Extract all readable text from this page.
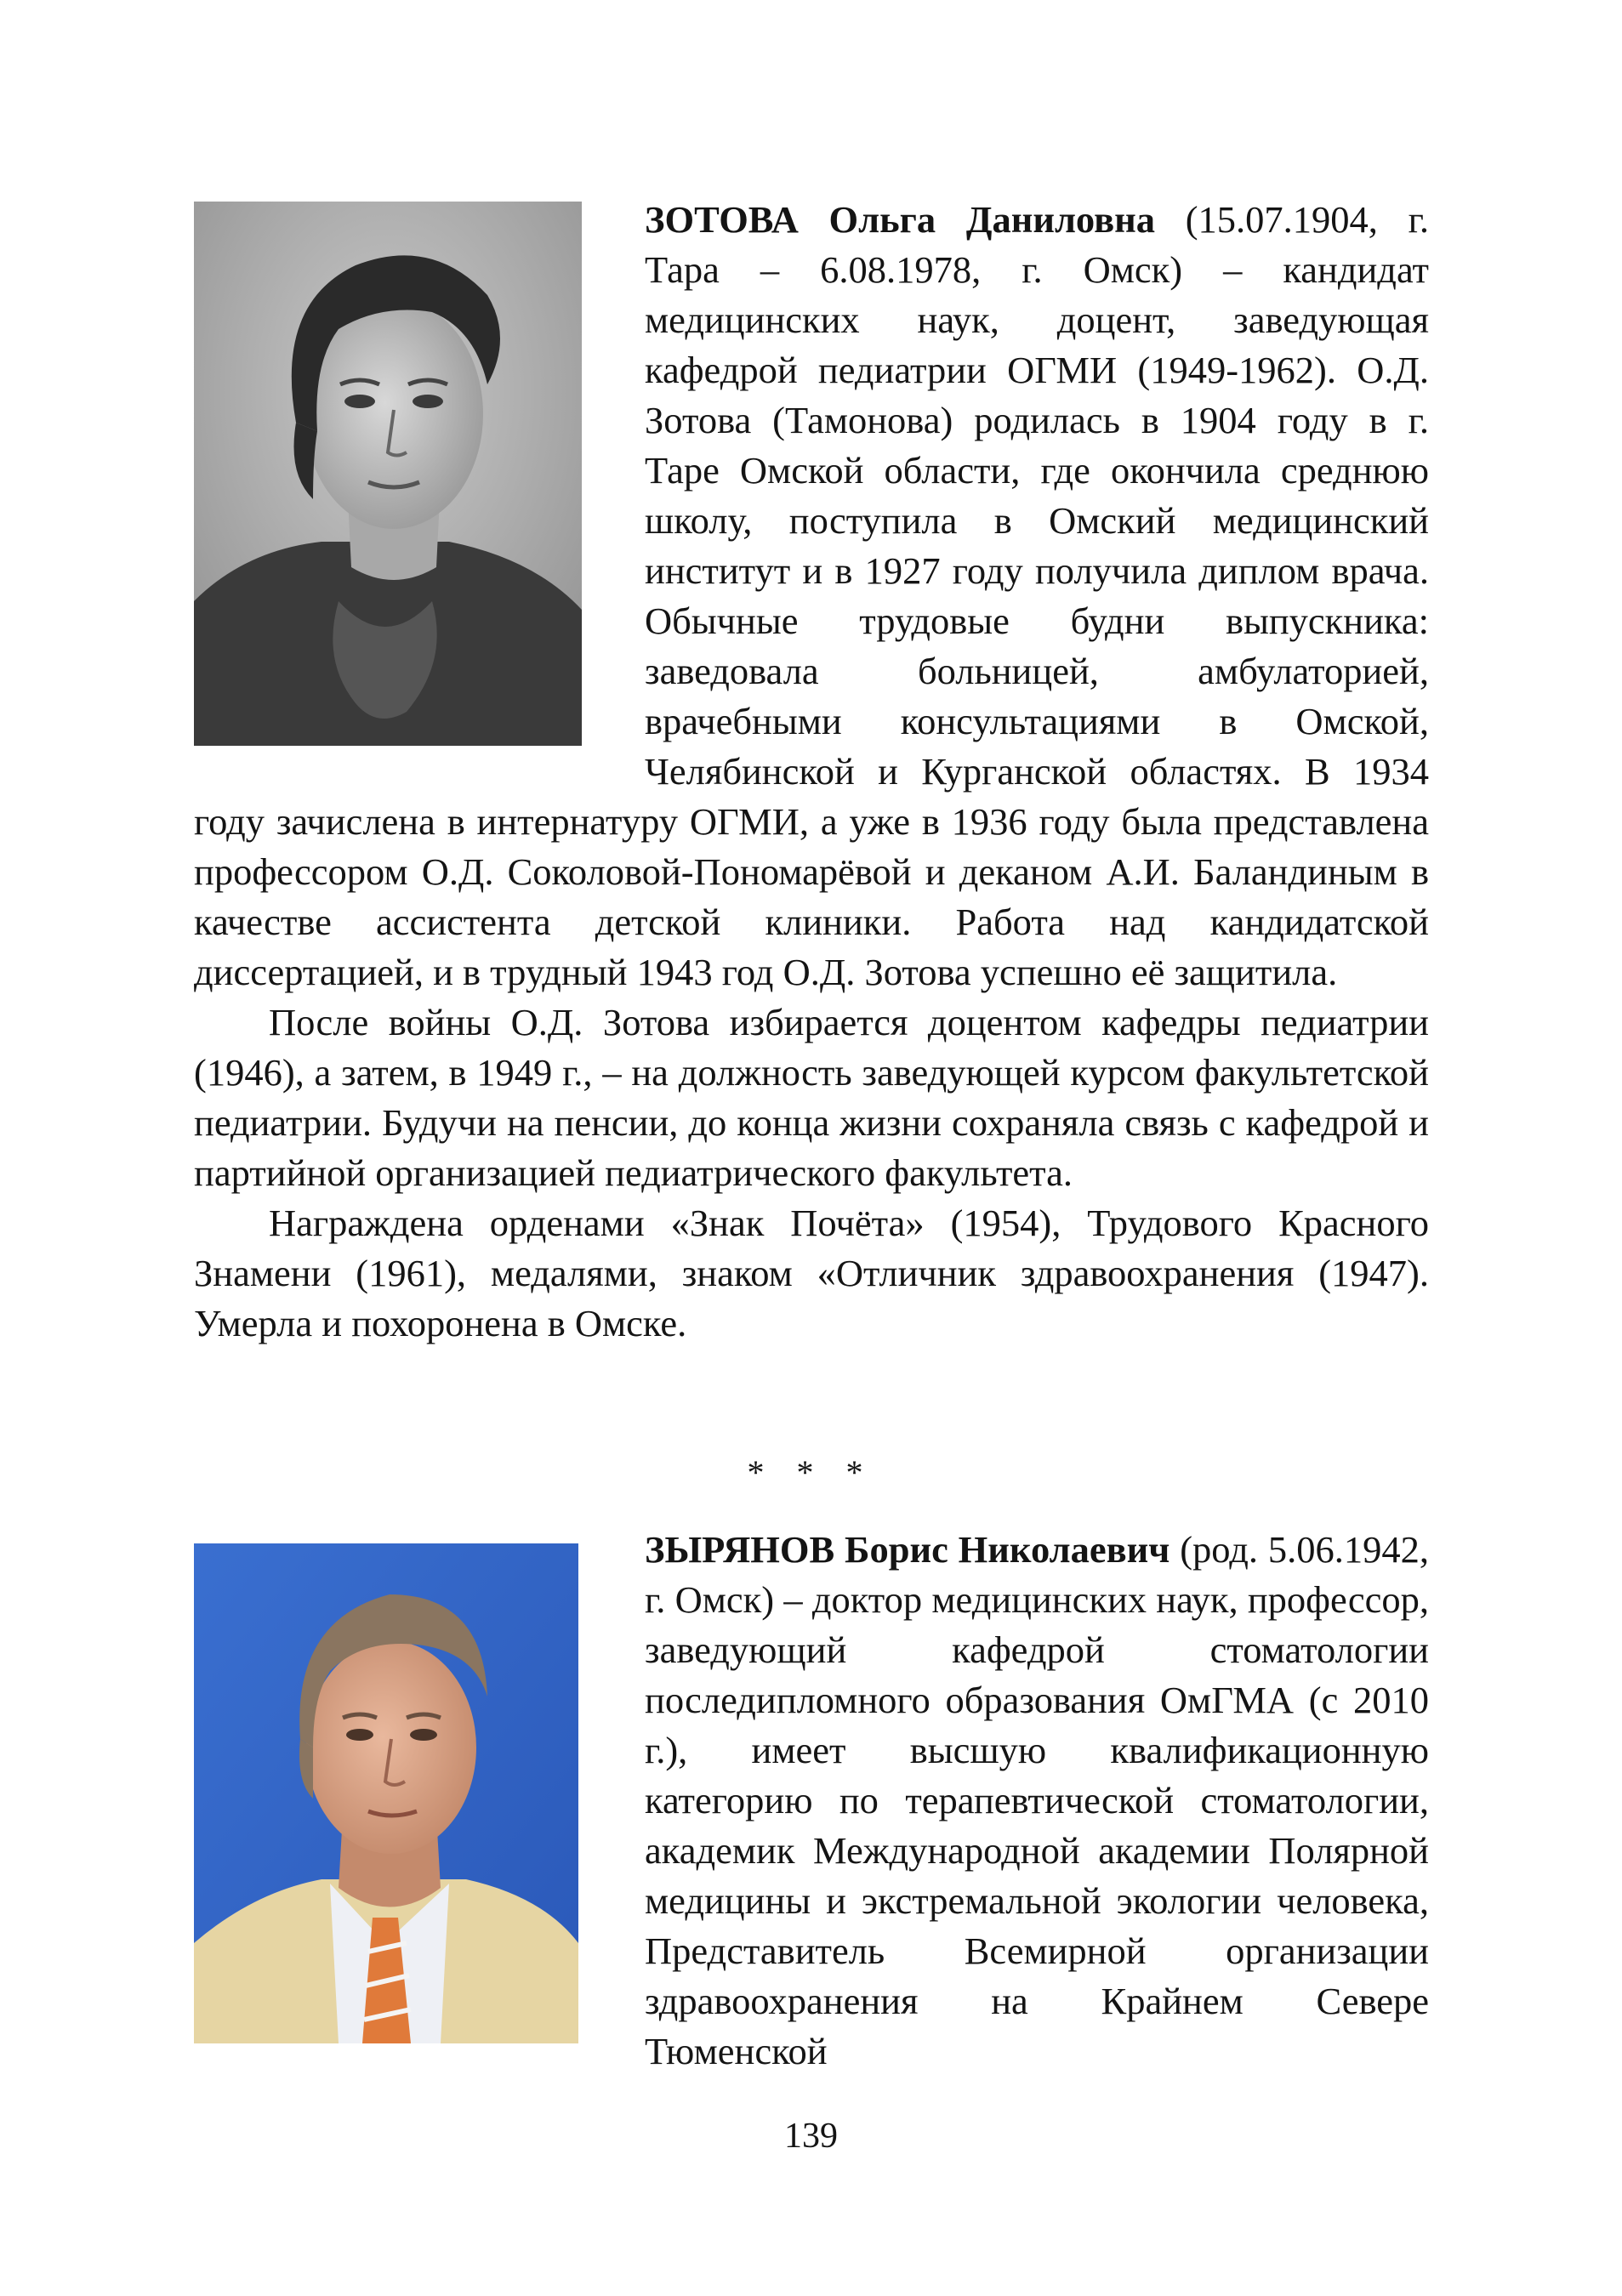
ЗОТОВА Ольга Даниловна (15.07.1904, г. Тара – 6.08.1978, г. Омск) – кандидат медицинских наук, доцент, заведующая кафедрой педиатрии ОГМИ (1949-1962). О.Д. Зотова (Тамонова) родилась в 1904 году в г. Таре Омской области, где окончила среднюю школу, поступила в Омский медицинский институт и в 1927 году получила диплом врача. Обычные трудовые будни выпускника: заведовала больницей, амбулаторией, врачебными консультациями в Омской, Челябинской и Курганской областях. В 1934 году зачислена в интернатуру ОГМИ, а уже в 1936 году была представлена профессором О.Д. Соколовой-Пономарёвой и деканом А.И. Баландиным в качестве ассистента детской клиники. Работа над кандидатской диссертацией, и в трудный 1943 год О.Д. Зотова успешно её защитила.

После войны О.Д. Зотова избирается доцентом кафедры педиатрии (1946), а затем, в 1949 г., – на должность заведующей курсом факультетской педиатрии. Будучи на пенсии, до конца жизни сохраняла связь с кафедрой и партийной организацией педиатрического факультета.

Награждена орденами «Знак Почёта» (1954), Трудового Красного Знамени (1961), медалями, знаком «Отличник здравоохранения (1947). Умерла и похоронена в Омске.

* * *

ЗЫРЯНОВ Борис Николаевич (род. 5.06.1942, г. Омск) – доктор медицинских наук, профессор, заведующий кафедрой стоматологии последипломного образования ОмГМА (с 2010 г.), имеет высшую квалификационную категорию по терапевтической стоматологии, академик Международной академии Полярной медицины и экстремальной экологии человека, Представитель Всемирной организации здравоохранения на Крайнем Севере Тюменской

139
